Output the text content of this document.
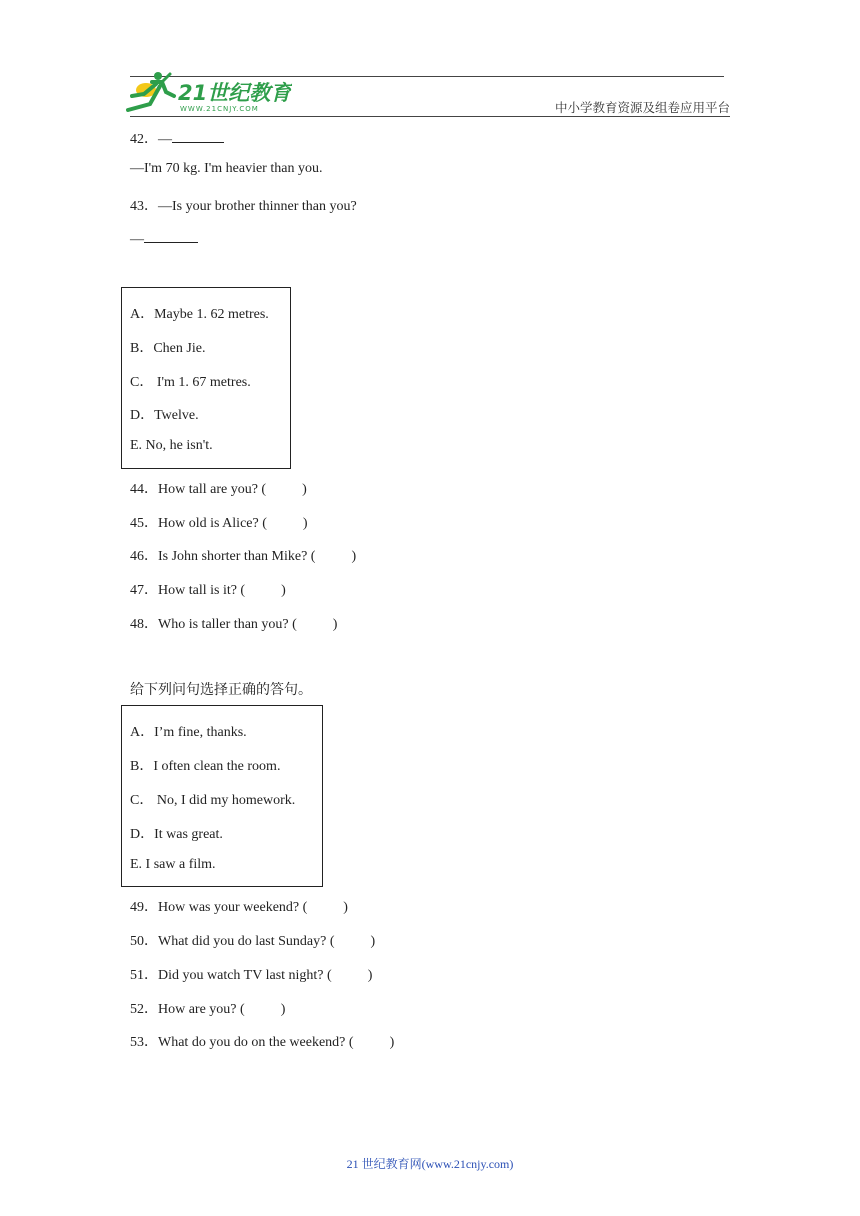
21世纪教育
WWW.21CNJY.COM	中小学教育资源及组卷应用平台
42．—
—I'm 70 kg. I'm heavier than you.
43．—Is your brother thinner than you?
—
A．Maybe 1. 62 metres.
B．Chen Jie.
C． I'm 1. 67 metres.
D．Twelve.
E. No, he isn't.
44．How tall are you? (	)
45．How old is Alice? (	)
46．Is John shorter than Mike? (	)
47．How tall is it? (	)
48．Who is taller than you? (	)
给下列问句选择正确的答句。
A．I’m fine, thanks.
B．I often clean the room.
C． No, I did my homework.
D．It was great.
E. I saw a film.
49．How was your weekend? (	)
50．What did you do last Sunday? (	)
51．Did you watch TV last night? (	)
52．How are you? (	)
53．What do you do on the weekend? (	)
21 世纪教育网(www.21cnjy.com)
